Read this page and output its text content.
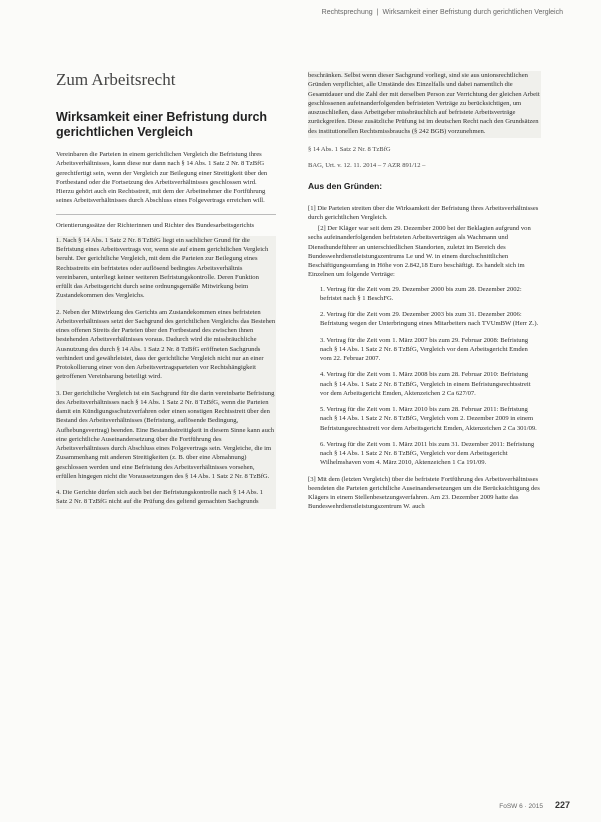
Rechtsprechung | Wirksamkeit einer Befristung durch gerichtlichen Vergleich
Zum Arbeitsrecht
Wirksamkeit einer Befristung durch gerichtlichen Vergleich

Vereinbaren die Parteien in einem gerichtlichen Vergleich die Befristung ihres Arbeitsverhältnisses, kann diese nur dann nach § 14 Abs. 1 Satz 2 Nr. 8 TzBfG gerechtfertigt sein, wenn der Vergleich zur Beilegung einer Streitigkeit über den Fortbestand oder die Fortsetzung des Arbeitsverhältnisses geschlossen wird. Hierzu gehört auch ein Rechtsstreit, mit dem der Arbeitnehmer die Fortführung seines Arbeitsverhältnisses durch Abschluss eines Folgevertrags erreichen will.

Orientierungssätze der Richterinnen und Richter des Bundesarbeitsgerichts

1. Nach § 14 Abs. 1 Satz 2 Nr. 8 TzBfG liegt ein sachlicher Grund für die Befristung eines Arbeitsvertrags vor, wenn sie auf einem gerichtlichen Vergleich beruht. Der gerichtliche Vergleich, mit dem die Parteien zur Beilegung eines Rechtsstreits ein befristetes oder auflösend bedingtes Arbeitsverhältnis vereinbaren, unterliegt keiner weiteren Befristungskontrolle. Deren Funktion erfüllt das Arbeitsgericht durch seine ordnungsgemäße Mitwirkung beim Zustandekommen des Vergleichs.

2. Neben der Mitwirkung des Gerichts am Zustandekommen eines befristeten Arbeitsverhältnisses setzt der Sachgrund des gerichtlichen Vergleichs das Bestehen eines offenen Streits der Parteien über den Fortbestand des zwischen ihnen bestehenden Arbeitsverhältnisses voraus. Dadurch wird die missbräuchliche Ausnutzung des durch § 14 Abs. 1 Satz 2 Nr. 8 TzBfG eröffneten Sachgrunds verhindert und gewährleistet, dass der gerichtliche Vergleich nicht nur an einer Protokollierung einer von den Arbeitsvertragsparteien vor Rechtshängigkeit getroffenen Vereinbarung beteiligt wird.

3. Der gerichtliche Vergleich ist ein Sachgrund für die darin vereinbarte Befristung des Arbeitsverhältnisses nach § 14 Abs. 1 Satz 2 Nr. 8 TzBfG, wenn die Parteien damit ein Kündigungsschutzverfahren oder einen sonstigen Rechtsstreit über den Bestand des Arbeitsverhältnisses (Befristung, auflösende Bedingung, Aufhebungsvertrag) beenden. Eine Bestandsstreitigkeit in diesem Sinne kann auch eine gerichtliche Auseinandersetzung über die Fortführung des Arbeitsverhältnisses durch Abschluss eines Folgevertrags sein. Vergleiche, die im Zusammenhang mit anderen Streitigkeiten (z. B. über eine Abmahnung) geschlossen werden und eine Befristung des Arbeitsverhältnisses vorsehen, erfüllen hingegen nicht die Voraussetzungen des § 14 Abs. 1 Satz 2 Nr. 8 TzBfG.

4. Die Gerichte dürfen sich auch bei der Befristungskontrolle nach § 14 Abs. 1 Satz 2 Nr. 8 TzBfG nicht auf die Prüfung des geltend gemachten Sachgrunds

beschränken. Selbst wenn dieser Sachgrund vorliegt, sind sie aus unionsrechtlichen Gründen verpflichtet, alle Umstände des Einzelfalls und dabei namentlich die Gesamtdauer und die Zahl der mit derselben Person zur Verrichtung der gleichen Arbeit geschlossenen aufeinanderfolgenden befristeten Verträge zu berücksichtigen, um auszuschließen, dass Arbeitgeber missbräuchlich auf befristete Arbeitsverträge zurückgreifen. Diese zusätzliche Prüfung ist im deutschen Recht nach den Grundsätzen des institutionellen Rechtsmissbrauchs (§ 242 BGB) vorzunehmen.

§ 14 Abs. 1 Satz 2 Nr. 8 TzBfG

BAG, Urt. v. 12. 11. 2014 – 7 AZR 891/12 –

Aus den Gründen:

[1] Die Parteien streiten über die Wirksamkeit der Befristung ihres Arbeitsverhältnisses durch gerichtlichen Vergleich.

[2] Der Kläger war seit dem 29. Dezember 2000 bei der Beklagten aufgrund von sechs aufeinanderfolgenden befristeten Arbeitsverträgen als Wachmann und Diensthundeführer an unterschiedlichen Standorten, zuletzt im Bereich des Bundeswehrdienstleistungszentrums Le und W. in einem durchschnittlichen Beschäftigungsumfang in Höhe von 2.842,18 Euro beschäftigt. Es handelt sich im Einzelnen um folgende Verträge:

1. Vertrag für die Zeit vom 29. Dezember 2000 bis zum 28. Dezember 2002: befristet nach § 1 BeschFG.
2. Vertrag für die Zeit vom 29. Dezember 2003 bis zum 31. Dezember 2006: Befristung wegen der Unterbringung eines Mitarbeiters nach TVUmBW (Herr Z.).
3. Vertrag für die Zeit vom 1. März 2007 bis zum 29. Februar 2008: Befristung nach § 14 Abs. 1 Satz 2 Nr. 8 TzBfG, Vergleich vor dem Arbeitsgericht Emden vom 22. Februar 2007.
4. Vertrag für die Zeit vom 1. März 2008 bis zum 28. Februar 2010: Befristung nach § 14 Abs. 1 Satz 2 Nr. 8 TzBfG, Vergleich in einem Befristungsrechtsstreit vor dem Arbeitsgericht Emden, Aktenzeichen 2 Ca 627/07.
5. Vertrag für die Zeit vom 1. März 2010 bis zum 28. Februar 2011: Befristung nach § 14 Abs. 1 Satz 2 Nr. 8 TzBfG, Vergleich vom 2. Dezember 2009 in einem Befristungsrechtsstreit vor dem Arbeitsgericht Emden, Aktenzeichen 2 Ca 301/09.
6. Vertrag für die Zeit vom 1. März 2011 bis zum 31. Dezember 2011: Befristung nach § 14 Abs. 1 Satz 2 Nr. 8 TzBfG, Vergleich vor dem Arbeitsgericht Wilhelmshaven vom 4. März 2010, Aktenzeichen 1 Ca 191/09.

[3] Mit dem (letzten Vergleich) über die befristete Fortführung des Arbeitsverhältnisses beendeten die Parteien gerichtliche Auseinandersetzungen um die Berücksichtigung des Klägers in einem Stellenbesetzungsverfahren. Am 23. Dezember 2009 hatte das Bundeswehrdienstleistungszentrum W. auch

FoSW 6 · 2015 227
